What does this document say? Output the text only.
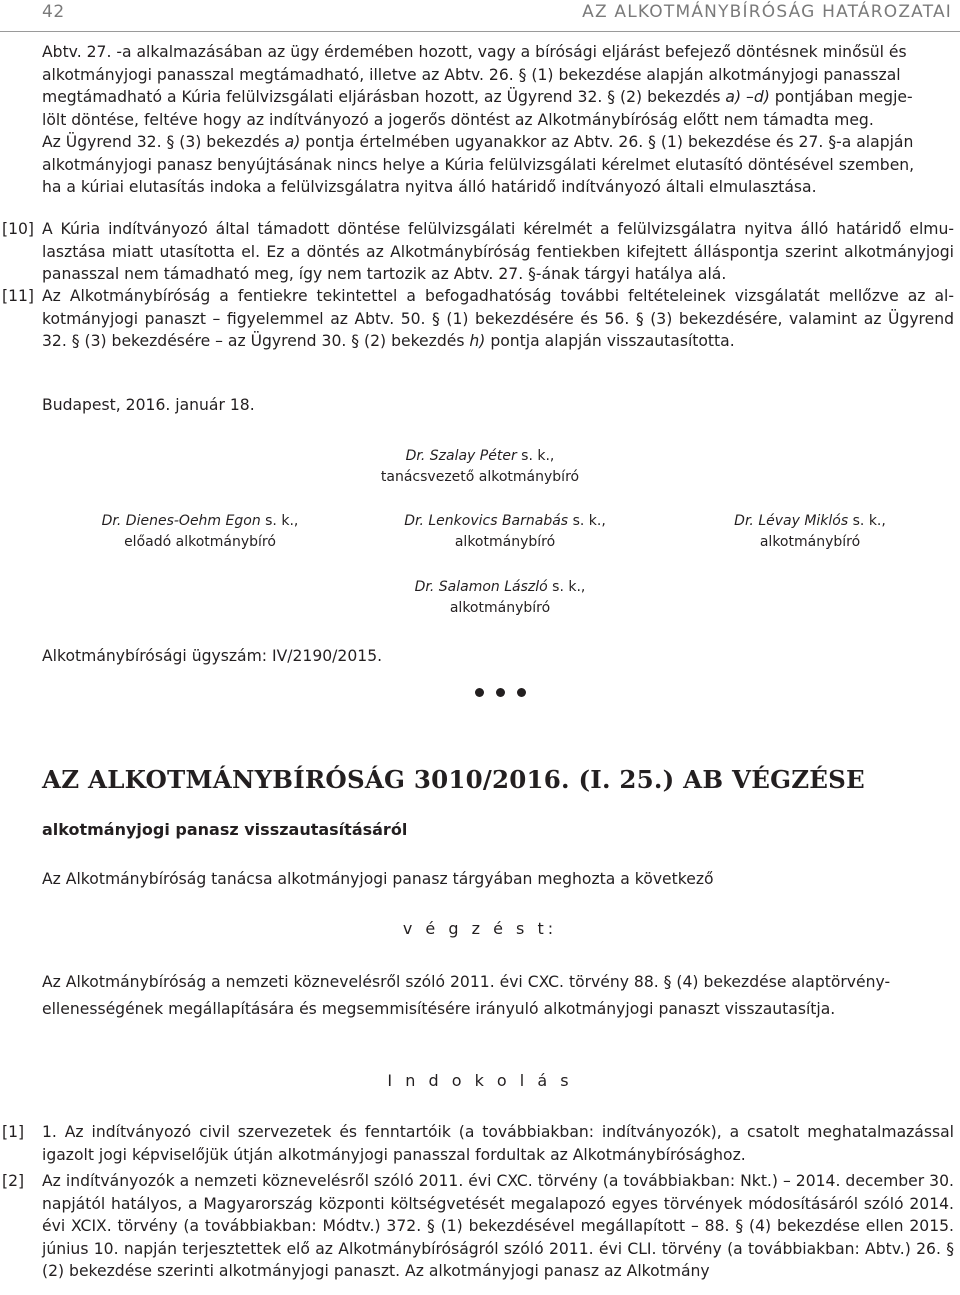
42	AZ ALKOTMÁNYBÍRÓSÁG HATÁROZATAI
Abtv. 27. -a alkalmazásában az ügy érdemében hozott, vagy a bírósági eljárást befejező döntésnek minősül és
alkotmányjogi panasszal megtámadható, illetve az Abtv. 26. § (1) bekezdése alapján alkotmányjogi panasszal
megtámadható a Kúria felülvizsgálati eljárásban hozott, az Ügyrend 32. § (2) bekezdés a) –d) pontjában megje-
lölt döntése, feltéve hogy az indítványozó a jogerős döntést az Alkotmánybíróság előtt nem támadta meg.
Az Ügyrend 32. § (3) bekezdés a) pontja értelmében ugyanakkor az Abtv. 26. § (1) bekezdése és 27. §-a alapján
alkotmányjogi panasz benyújtásának nincs helye a Kúria felülvizsgálati kérelmet elutasító döntésével szemben,
ha a kúriai elutasítás indoka a felülvizsgálatra nyitva álló határidő indítványozó általi elmulasztása.
[10] A Kúria indítványozó által támadott döntése felülvizsgálati kérelmét a felülvizsgálatra nyitva álló határidő elmulasztása miatt utasította el. Ez a döntés az Alkotmánybíróság fentiekben kifejtett álláspontja szerint alkotmányjogi panasszal nem támadható meg, így nem tartozik az Abtv. 27. §-ának tárgyi hatálya alá.
[11] Az Alkotmánybíróság a fentiekre tekintettel a befogadhatóság további feltételeinek vizsgálatát mellőzve az alkotmányjogi panaszt – figyelemmel az Abtv. 50. § (1) bekezdésére és 56. § (3) bekezdésére, valamint az Ügyrend 32. § (3) bekezdésére – az Ügyrend 30. § (2) bekezdés h) pontja alapján visszautasította.
Budapest, 2016. január 18.
Dr. Szalay Péter s. k.,
tanácsvezető alkotmánybíró
Dr. Dienes-Oehm Egon s. k.,
előadó alkotmánybíró
Dr. Lenkovics Barnabás s. k.,
alkotmánybíró
Dr. Lévay Miklós s. k.,
alkotmánybíró
Dr. Salamon László s. k.,
alkotmánybíró
Alkotmánybírósági ügyszám: IV/2190/2015.
AZ ALKOTMÁNYBÍRÓSÁG 3010/2016. (I. 25.) AB VÉGZÉSE
alkotmányjogi panasz visszautasításáról
Az Alkotmánybíróság tanácsa alkotmányjogi panasz tárgyában meghozta a következő
v é g z é s t:
Az Alkotmánybíróság a nemzeti köznevelésről szóló 2011. évi CXC. törvény 88. § (4) bekezdése alaptörvény-
ellenességének megállapítására és megsemmisítésére irányuló alkotmányjogi panaszt visszautasítja.
I n d o k o l á s
[1] 1. Az indítványozó civil szervezetek és fenntartóik (a továbbiakban: indítványozók), a csatolt meghatalmazással igazolt jogi képviselőjük útján alkotmányjogi panasszal fordultak az Alkotmánybírósághoz.
[2] Az indítványozók a nemzeti köznevelésről szóló 2011. évi CXC. törvény (a továbbiakban: Nkt.) – 2014. december 30. napjától hatályos, a Magyarország központi költségvetését megalapozó egyes törvények módosításáról szóló 2014. évi XCIX. törvény (a továbbiakban: Módtv.) 372. § (1) bekezdésével megállapított – 88. § (4) bekezdése ellen 2015. június 10. napján terjesztettek elő az Alkotmánybíróságról szóló 2011. évi CLI. törvény (a továbbiakban: Abtv.) 26. § (2) bekezdése szerinti alkotmányjogi panaszt. Az alkotmányjogi panasz az Alkotmány
